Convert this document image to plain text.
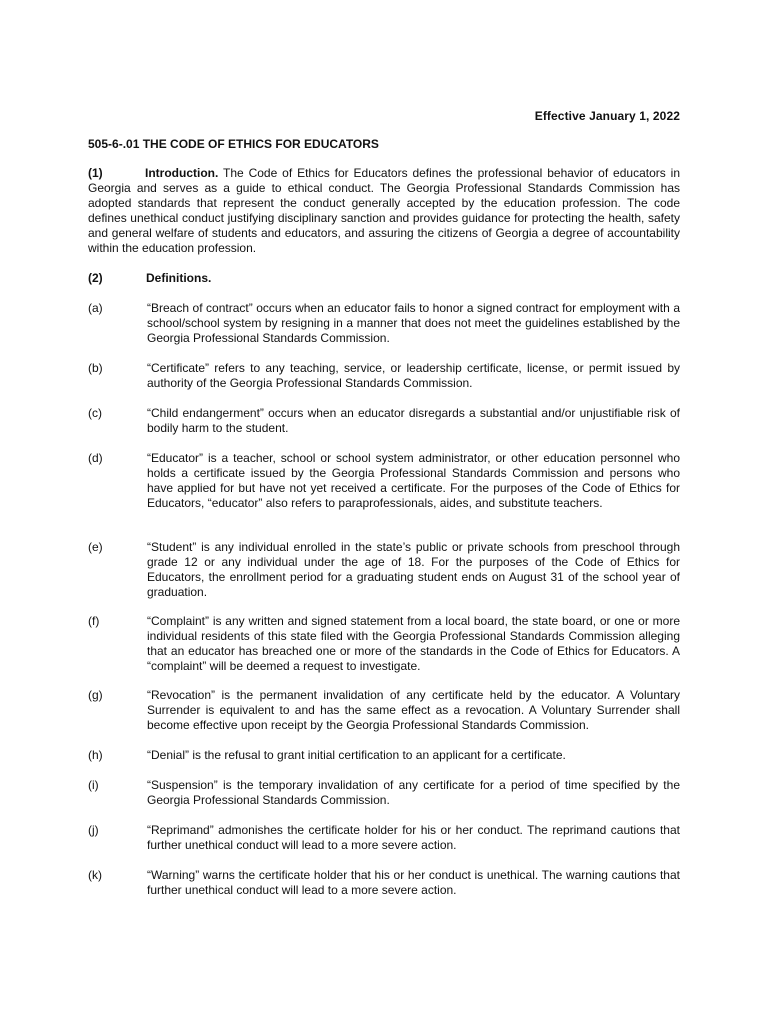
Effective January 1, 2022
505-6-.01 THE CODE OF ETHICS FOR EDUCATORS
(1)	Introduction. The Code of Ethics for Educators defines the professional behavior of educators in Georgia and serves as a guide to ethical conduct. The Georgia Professional Standards Commission has adopted standards that represent the conduct generally accepted by the education profession. The code defines unethical conduct justifying disciplinary sanction and provides guidance for protecting the health, safety and general welfare of students and educators, and assuring the citizens of Georgia a degree of accountability within the education profession.
(2)	Definitions.
(a)	“Breach of contract” occurs when an educator fails to honor a signed contract for employment with a school/school system by resigning in a manner that does not meet the guidelines established by the Georgia Professional Standards Commission.
(b)	“Certificate” refers to any teaching, service, or leadership certificate, license, or permit issued by authority of the Georgia Professional Standards Commission.
(c)	“Child endangerment” occurs when an educator disregards a substantial and/or unjustifiable risk of bodily harm to the student.
(d)	“Educator” is a teacher, school or school system administrator, or other education personnel who holds a certificate issued by the Georgia Professional Standards Commission and persons who have applied for but have not yet received a certificate. For the purposes of the Code of Ethics for Educators, “educator” also refers to paraprofessionals, aides, and substitute teachers.
(e)	“Student” is any individual enrolled in the state’s public or private schools from preschool through grade 12 or any individual under the age of 18. For the purposes of the Code of Ethics for Educators, the enrollment period for a graduating student ends on August 31 of the school year of graduation.
(f)	“Complaint” is any written and signed statement from a local board, the state board, or one or more individual residents of this state filed with the Georgia Professional Standards Commission alleging that an educator has breached one or more of the standards in the Code of Ethics for Educators. A “complaint” will be deemed a request to investigate.
(g)	“Revocation” is the permanent invalidation of any certificate held by the educator. A Voluntary Surrender is equivalent to and has the same effect as a revocation. A Voluntary Surrender shall become effective upon receipt by the Georgia Professional Standards Commission.
(h)	“Denial” is the refusal to grant initial certification to an applicant for a certificate.
(i)	“Suspension” is the temporary invalidation of any certificate for a period of time specified by the Georgia Professional Standards Commission.
(j)	“Reprimand” admonishes the certificate holder for his or her conduct. The reprimand cautions that further unethical conduct will lead to a more severe action.
(k)	“Warning” warns the certificate holder that his or her conduct is unethical. The warning cautions that further unethical conduct will lead to a more severe action.
